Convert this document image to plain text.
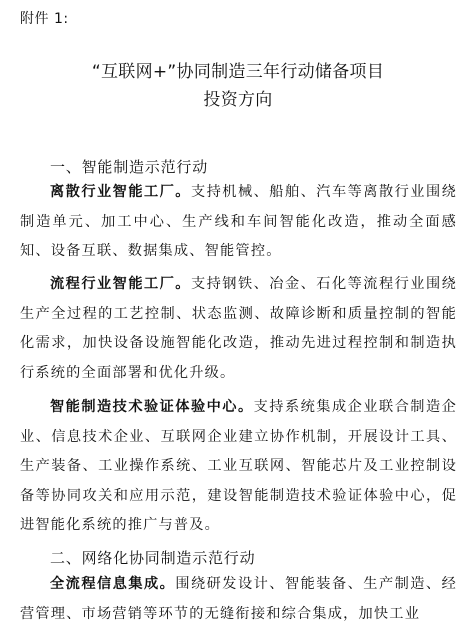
附件 1:
“互联网+”协同制造三年行动储备项目
投资方向
一、智能制造示范行动
离散行业智能工厂。支持机械、船舶、汽车等离散行业围绕制造单元、加工中心、生产线和车间智能化改造，推动全面感知、设备互联、数据集成、智能管控。
流程行业智能工厂。支持钢铁、冶金、石化等流程行业围绕生产全过程的工艺控制、状态监测、故障诊断和质量控制的智能化需求，加快设备设施智能化改造，推动先进过程控制和制造执行系统的全面部署和优化升级。
智能制造技术验证体验中心。支持系统集成企业联合制造企业、信息技术企业、互联网企业建立协作机制，开展设计工具、生产装备、工业操作系统、工业互联网、智能芯片及工业控制设备等协同攻关和应用示范，建设智能制造技术验证体验中心，促进智能化系统的推广与普及。
二、网络化协同制造示范行动
全流程信息集成。围绕研发设计、智能装备、生产制造、经营管理、市场营销等环节的无缝衔接和综合集成，加快工业
